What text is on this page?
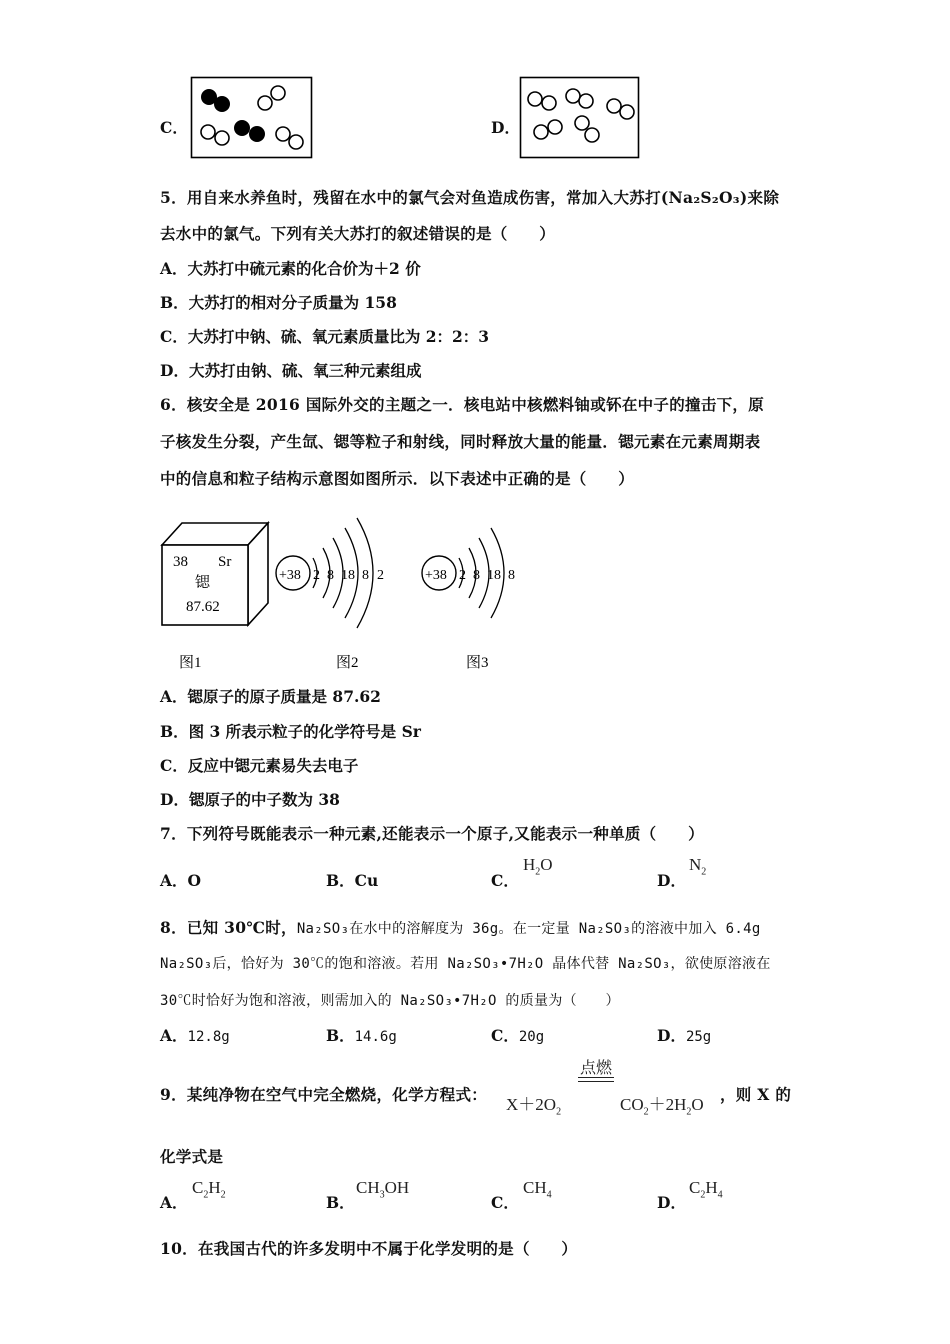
C．	D．
5．用自来水养鱼时，残留在水中的氯气会对鱼造成伤害，常加入大苏打(Na₂S₂O₃)来除
去水中的氯气。下列有关大苏打的叙述错误的是（　　）
A．大苏打中硫元素的化合价为＋2 价
B．大苏打的相对分子质量为 158
C．大苏打中钠、硫、氧元素质量比为 2：2：3
D．大苏打由钠、硫、氧三种元素组成
6．核安全是 2016 国际外交的主题之一．核电站中核燃料铀或钚在中子的撞击下，原
子核发生分裂，产生氙、锶等粒子和射线，同时释放大量的能量．锶元素在元素周期表
中的信息和粒子结构示意图如图所示．以下表述中正确的是（　　）
38 Sr
锶
87.62
+38 2 8 18 8 2	+38 2 8 18 8
图1	图2	图3
A．锶原子的原子质量是 87.62
B．图 3 所表示粒子的化学符号是 Sr
C．反应中锶元素易失去电子
D．锶原子的中子数为 38
7．下列符号既能表示一种元素,还能表示一个原子,又能表示一种单质（　　）
A．O	B．Cu	C．
$H_2O$
D．
$N_2$
8．已知 30℃时，Na₂SO₃在水中的溶解度为 36g。在一定量 Na₂SO₃的溶液中加入 6.4g
Na₂SO₃后，恰好为 30℃的饱和溶液。若用 Na₂SO₃•7H₂O 晶体代替 Na₂SO₃，欲使原溶液在
30℃时恰好为饱和溶液，则需加入的 Na₂SO₃•7H₂O 的质量为（　　）
A．12.8g	B．14.6g	C．20g	D．25g
9．某纯净物在空气中完全燃烧，化学方程式：
$X+2O_2$
点燃
$CO_2+2H_2O$
，则 X 的
化学式是
A．
$C_2H_2$	B．
$CH_3OH$
C．
$CH_4$	D．
$C_2H_4$
10．在我国古代的许多发明中不属于化学发明的是（　　）
